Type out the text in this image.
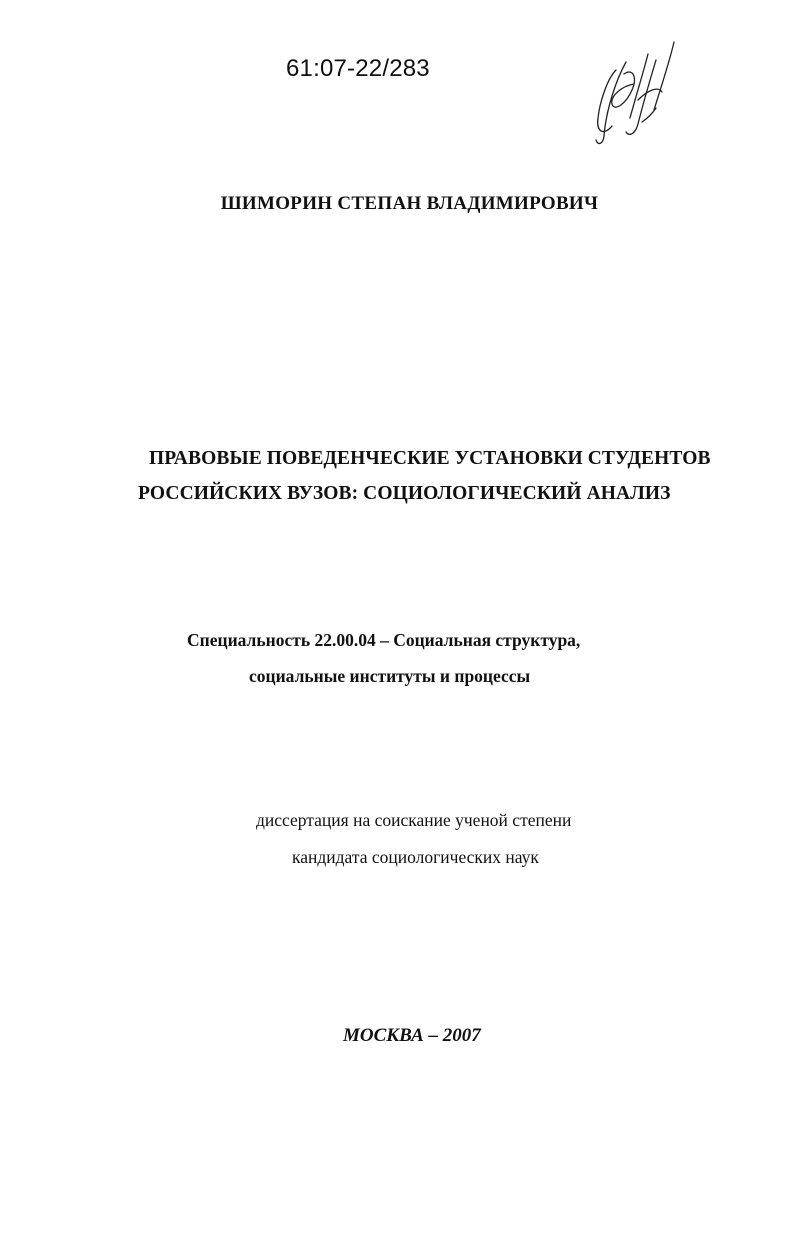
61:07-22/283
ШИМОРИН СТЕПАН ВЛАДИМИРОВИЧ
ПРАВОВЫЕ ПОВЕДЕНЧЕСКИЕ УСТАНОВКИ СТУДЕНТОВ
РОССИЙСКИХ ВУЗОВ: СОЦИОЛОГИЧЕСКИЙ АНАЛИЗ
Специальность 22.00.04 – Социальная структура,
социальные институты и процессы
диссертация на соискание ученой степени
кандидата социологических наук
МОСКВА – 2007
